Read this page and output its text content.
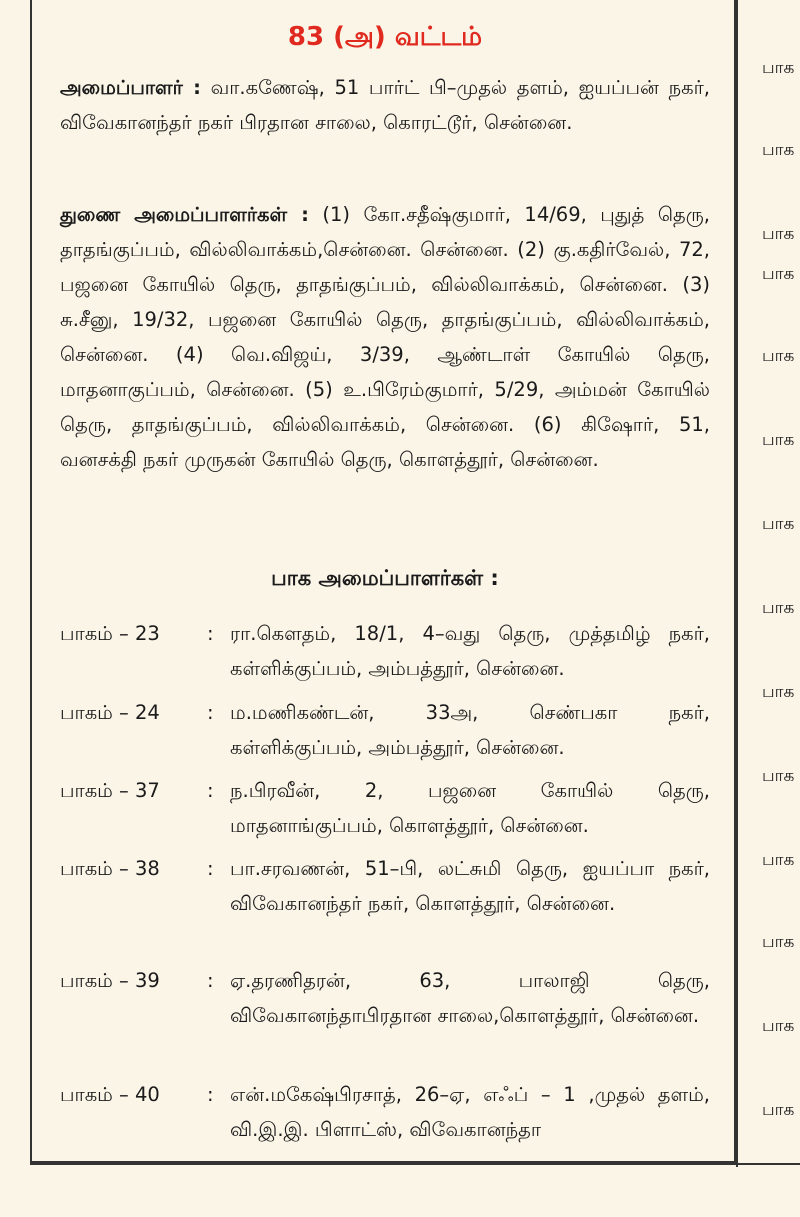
83 (அ) வட்டம்

அமைப்பாளர் : வா.கணேஷ், 51 பார்ட் பி–முதல் தளம், ஐயப்பன் நகர், விவேகானந்தர் நகர் பிரதான சாலை, கொரட்டூர், சென்னை.

துணை அமைப்பாளர்கள் : (1) கோ.சதீஷ்குமார், 14/69, புதுத் தெரு, தாதங்குப்பம், வில்லிவாக்கம்,சென்னை. சென்னை. (2) கு.கதிர்வேல், 72, பஜனை கோயில் தெரு, தாதங்குப்பம், வில்லிவாக்கம், சென்னை. (3) சு.சீனு, 19/32, பஜனை கோயில் தெரு, தாதங்குப்பம், வில்லிவாக்கம், சென்னை. (4) வெ.விஜய், 3/39, ஆண்டாள் கோயில் தெரு, மாதனாகுப்பம், சென்னை. (5) உ.பிரேம்குமார், 5/29, அம்மன் கோயில் தெரு, தாதங்குப்பம், வில்லிவாக்கம், சென்னை. (6) கிஷோர், 51, வனசக்தி நகர் முருகன் கோயில் தெரு, கொளத்தூர், சென்னை.

பாக அமைப்பாளர்கள் :
பாகம் – 23	: ரா.கௌதம், 18/1, 4–வது தெரு, முத்தமிழ் நகர், கள்ளிக்குப்பம், அம்பத்தூர், சென்னை.
பாகம் – 24	: ம.மணிகண்டன், 33அ, செண்பகா நகர், கள்ளிக்குப்பம், அம்பத்தூர், சென்னை.
பாகம் – 37	: ந.பிரவீன், 2, பஜனை கோயில் தெரு, மாதனாங்குப்பம், கொளத்தூர், சென்னை.
பாகம் – 38	: பா.சரவணன், 51–பி, லட்சுமி தெரு, ஐயப்பா நகர், விவேகானந்தர் நகர், கொளத்தூர், சென்னை.
பாகம் – 39	: ஏ.தரணிதரன், 63, பாலாஜி தெரு, விவேகானந்தாபிரதான சாலை,கொளத்தூர், சென்னை.
பாகம் – 40	: என்.மகேஷ்பிரசாத், 26–ஏ, எஃப் – 1 ,முதல் தளம், வி.இ.இ. பிளாட்ஸ், விவேகானந்தா
பாக
பாக
பாக
பாக
பாக
பாக
பாக
பாக
பாக
பாக
பாக
பாக
பாக
பாக
